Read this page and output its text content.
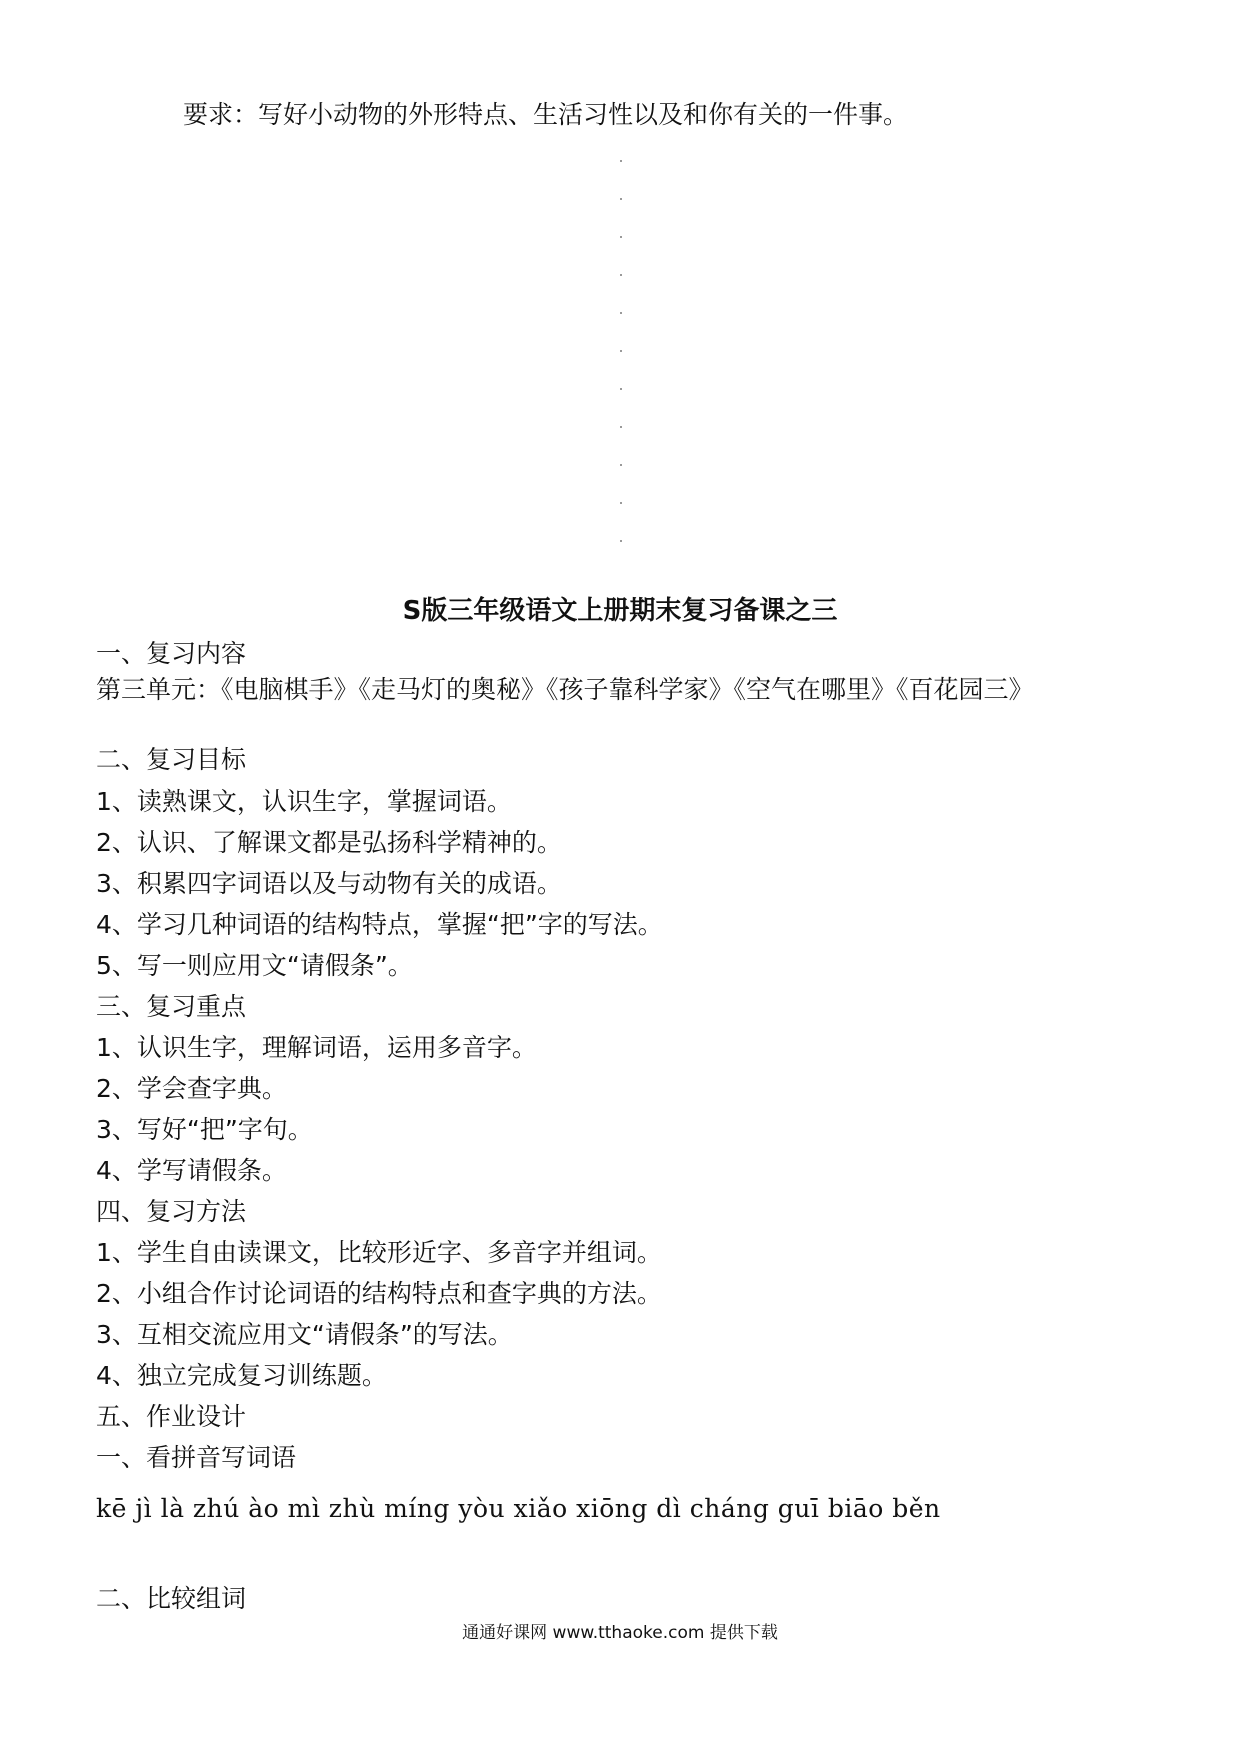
要求：写好小动物的外形特点、生活习性以及和你有关的一件事。
S版三年级语文上册期末复习备课之三
一、复习内容
第三单元：《电脑棋手》《走马灯的奥秘》《孩子靠科学家》《空气在哪里》《百花园三》
二、复习目标
1、读熟课文，认识生字，掌握词语。
2、认识、了解课文都是弘扬科学精神的。
3、积累四字词语以及与动物有关的成语。
4、学习几种词语的结构特点，掌握“把”字的写法。
5、写一则应用文“请假条”。
三、复习重点
1、认识生字，理解词语，运用多音字。
2、学会查字典。
3、写好“把”字句。
4、学写请假条。
四、复习方法
1、学生自由读课文，比较形近字、多音字并组词。
2、小组合作讨论词语的结构特点和查字典的方法。
3、互相交流应用文“请假条”的写法。
4、独立完成复习训练题。
五、作业设计
一、看拼音写词语
kē jì là zhú ào mì zhù míng yòu xiǎo xiōng dì cháng guī biāo běn
二、比较组词
通通好课网 www.tthaoke.com 提供下载
